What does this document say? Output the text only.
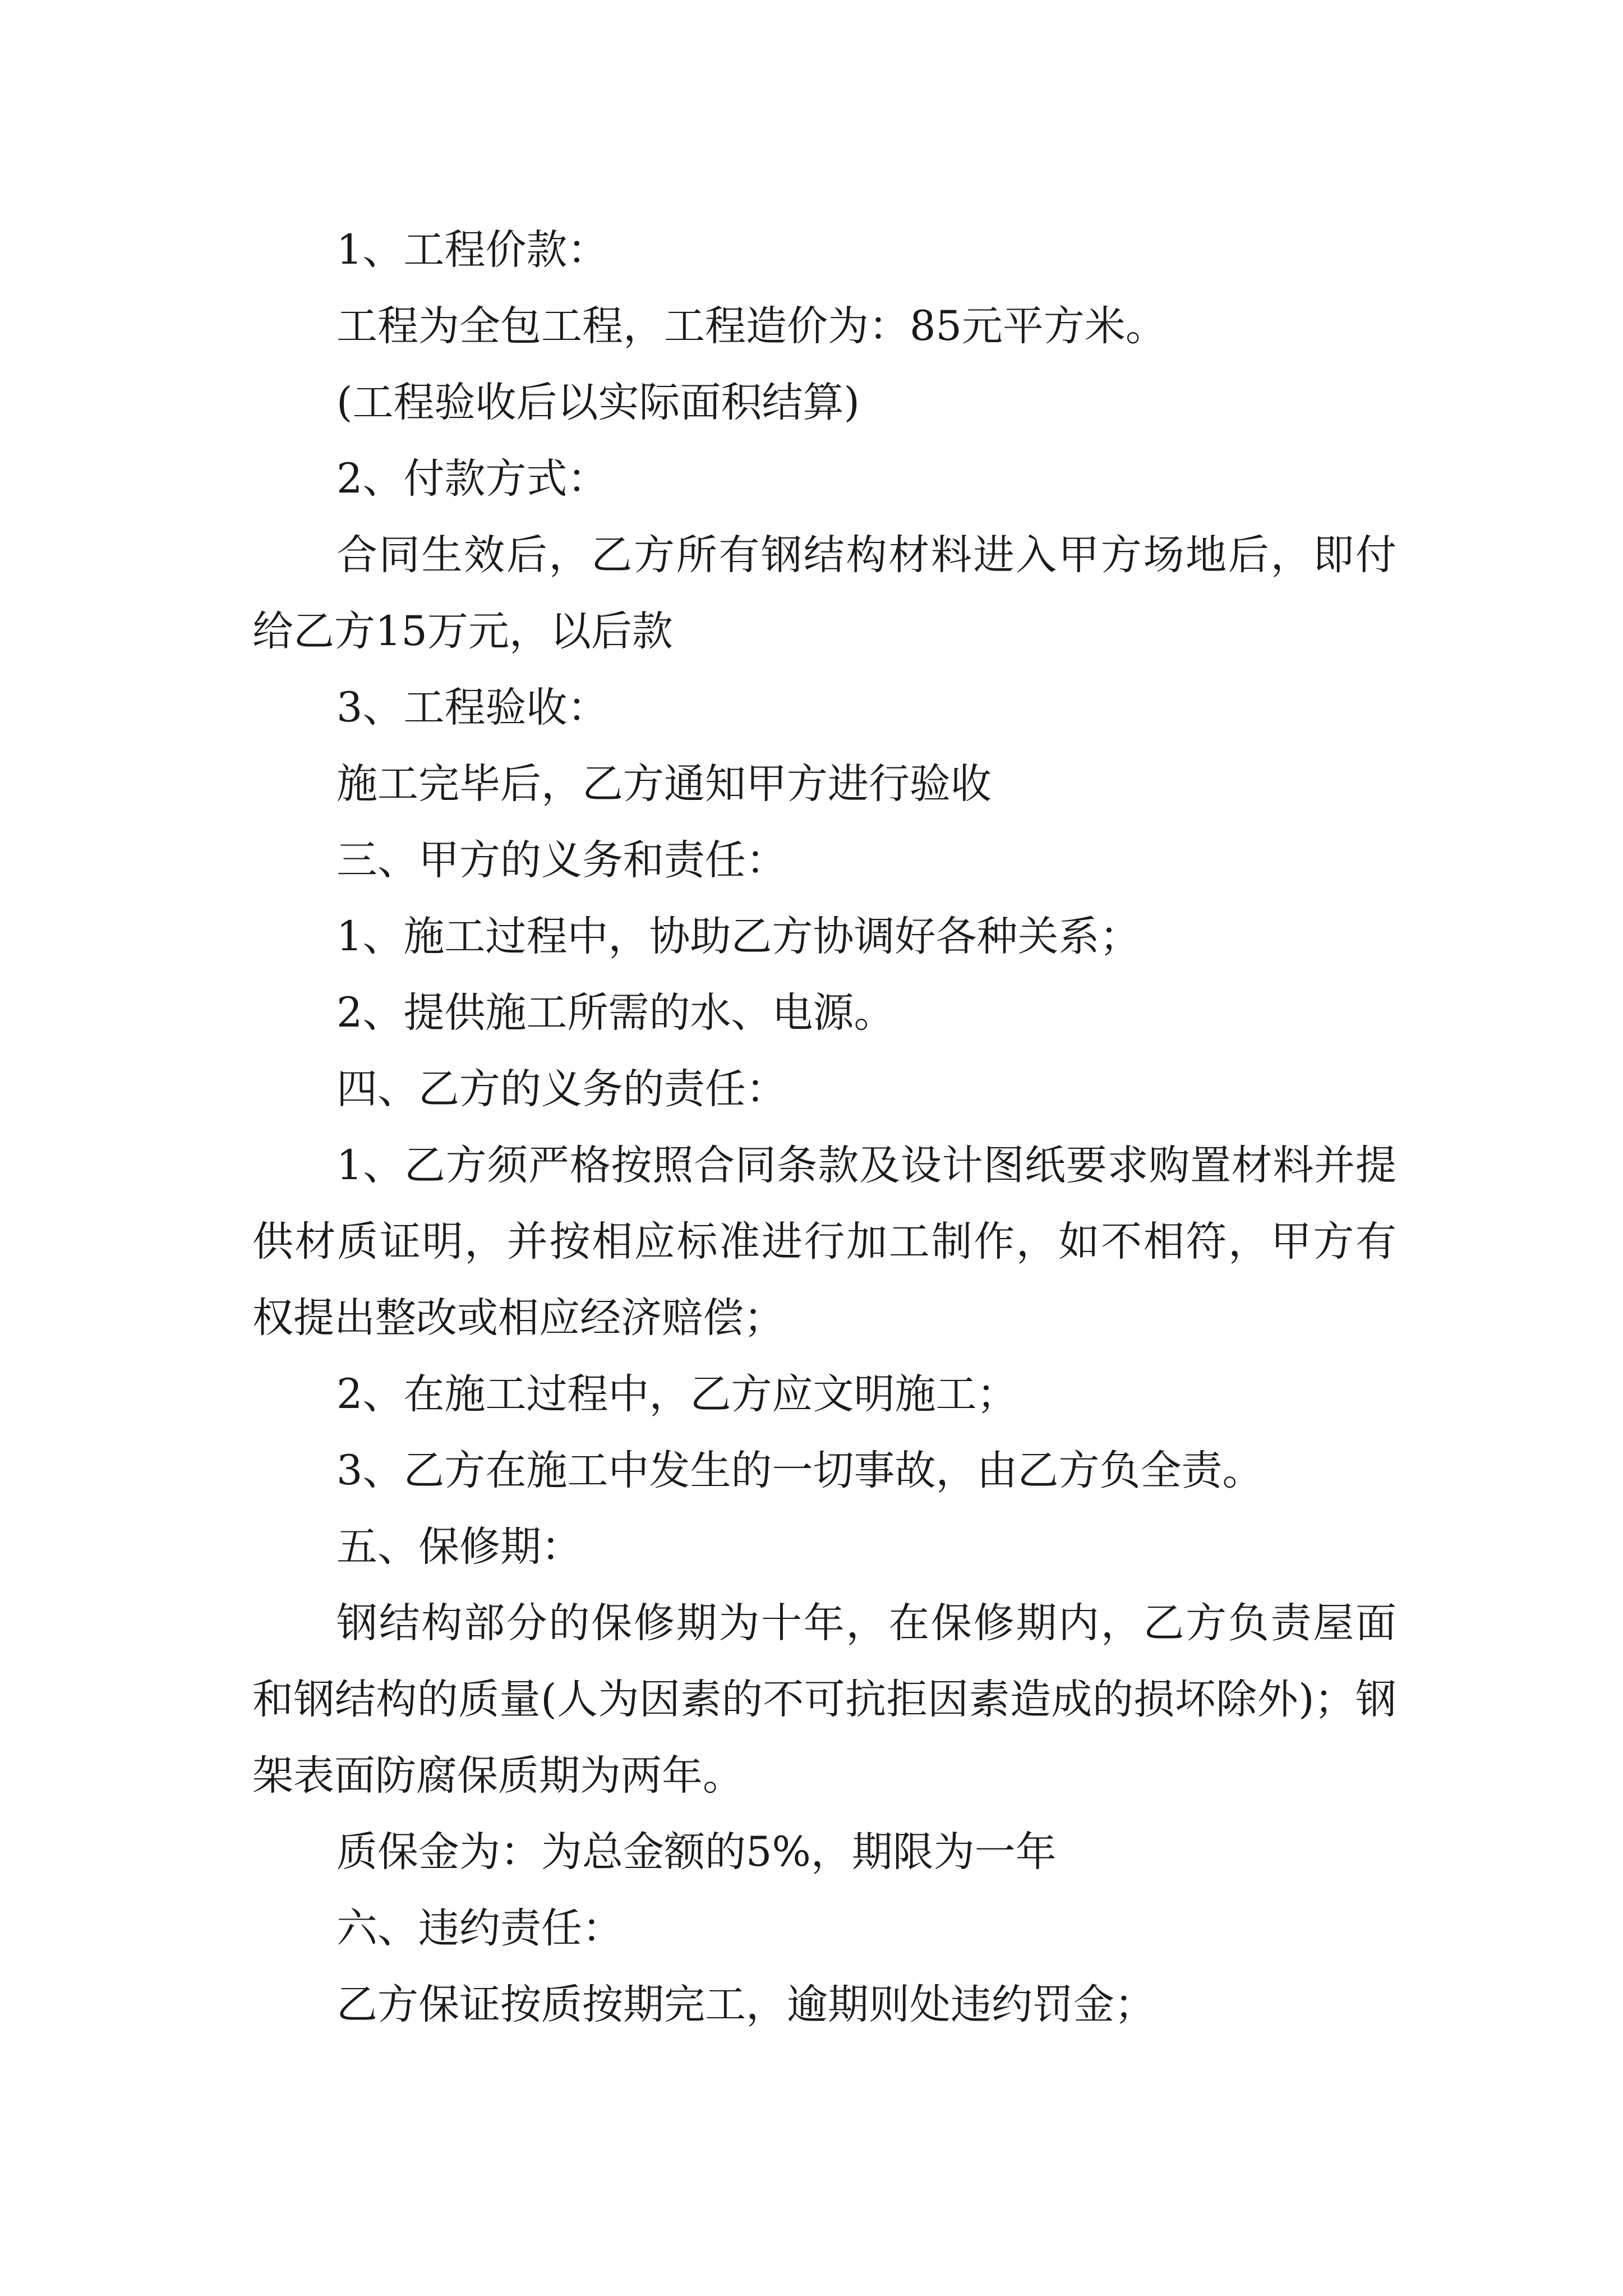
1、工程价款：

工程为全包工程，工程造价为：85元平方米。

(工程验收后以实际面积结算)

2、付款方式：

合同生效后，乙方所有钢结构材料进入甲方场地后，即付给乙方15万元，以后款

3、工程验收：

施工完毕后，乙方通知甲方进行验收

三、甲方的义务和责任：

1、施工过程中，协助乙方协调好各种关系；

2、提供施工所需的水、电源。

四、乙方的义务的责任：

1、乙方须严格按照合同条款及设计图纸要求购置材料并提供材质证明，并按相应标准进行加工制作，如不相符，甲方有权提出整改或相应经济赔偿；

2、在施工过程中，乙方应文明施工；

3、乙方在施工中发生的一切事故，由乙方负全责。

五、保修期：

钢结构部分的保修期为十年，在保修期内，乙方负责屋面和钢结构的质量(人为因素的不可抗拒因素造成的损坏除外)；钢架表面防腐保质期为两年。

质保金为：为总金额的5%，期限为一年

六、违约责任：

乙方保证按质按期完工，逾期则处违约罚金；
